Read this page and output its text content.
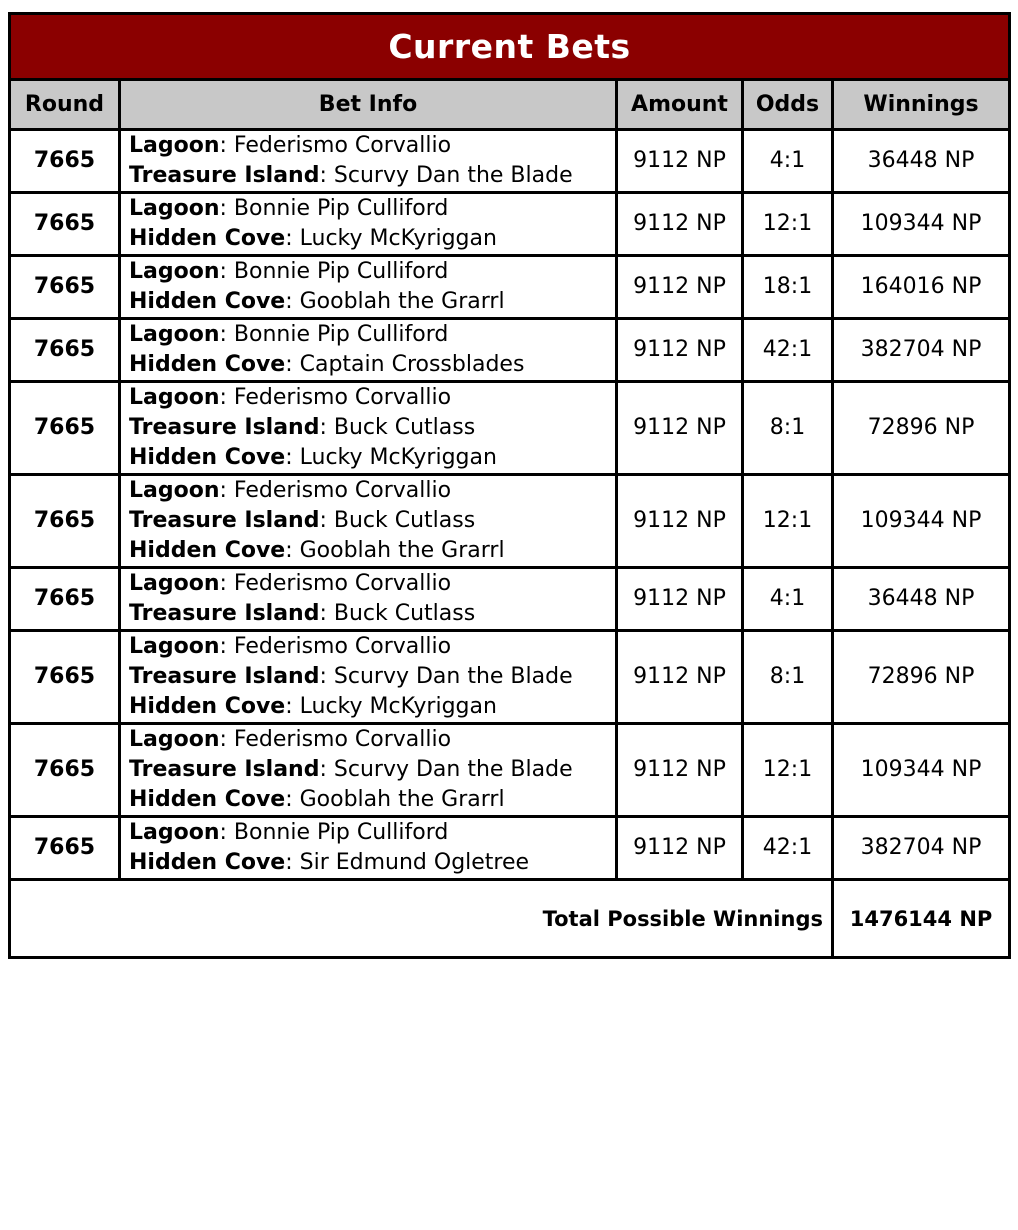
Current Bets				
Round	Bet Info	Amount	Odds	Winnings
7665	Lagoon: Federismo Corvallio
Treasure Island: Scurvy Dan the Blade	9112 NP	4:1	36448 NP
7665	Lagoon: Bonnie Pip Culliford
Hidden Cove: Lucky McKyriggan	9112 NP	12:1	109344 NP
7665	Lagoon: Bonnie Pip Culliford
Hidden Cove: Gooblah the Grarrl	9112 NP	18:1	164016 NP
7665	Lagoon: Bonnie Pip Culliford
Hidden Cove: Captain Crossblades	9112 NP	42:1	382704 NP
7665	Lagoon: Federismo Corvallio
Treasure Island: Buck Cutlass
Hidden Cove: Lucky McKyriggan	9112 NP	8:1	72896 NP
7665	Lagoon: Federismo Corvallio
Treasure Island: Buck Cutlass
Hidden Cove: Gooblah the Grarrl	9112 NP	12:1	109344 NP
7665	Lagoon: Federismo Corvallio
Treasure Island: Buck Cutlass	9112 NP	4:1	36448 NP
7665	Lagoon: Federismo Corvallio
Treasure Island: Scurvy Dan the Blade
Hidden Cove: Lucky McKyriggan	9112 NP	8:1	72896 NP
7665	Lagoon: Federismo Corvallio
Treasure Island: Scurvy Dan the Blade
Hidden Cove: Gooblah the Grarrl	9112 NP	12:1	109344 NP
7665	Lagoon: Bonnie Pip Culliford
Hidden Cove: Sir Edmund Ogletree	9112 NP	42:1	382704 NP
Total Possible Winnings				1476144 NP
